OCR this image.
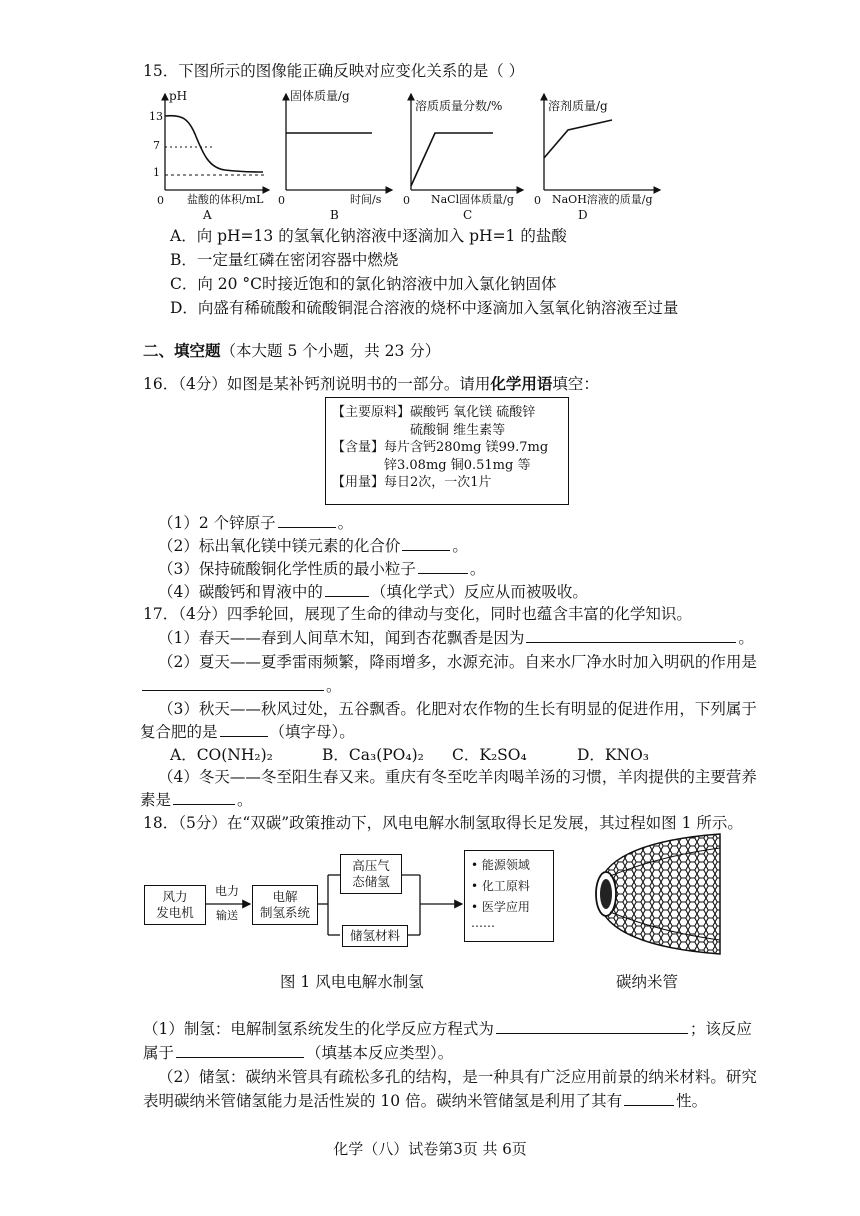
15．下图所示的图像能正确反映对应变化关系的是（ ）
pH
13
7
1
0 盐酸的体积/mL
A
固体质量/g
0	时间/s
B
溶质质量分数/%
0 NaCl固体质量/g
C
溶剂质量/g
0 NaOH溶液的质量/g
D
A．向 pH=13 的氢氧化钠溶液中逐滴加入 pH=1 的盐酸
B．一定量红磷在密闭容器中燃烧
C．向 20 °C时接近饱和的氯化钠溶液中加入氯化钠固体
D．向盛有稀硫酸和硫酸铜混合溶液的烧杯中逐滴加入氢氧化钠溶液至过量
二、填空题（本大题 5 个小题，共 23 分）
16．（4分）如图是某补钙剂说明书的一部分。请用化学用语填空：
【主要原料】碳酸钙 氧化镁 硫酸锌
　　　　　　硫酸铜 维生素等
【含量】每片含钙280mg 镁99.7mg
　　　　锌3.08mg 铜0.51mg 等
【用量】每日2次，一次1片
（1）2 个锌原子	。
（2）标出氧化镁中镁元素的化合价	。
（3）保持硫酸铜化学性质的最小粒子	。
（4）碳酸钙和胃液中的	（填化学式）反应从而被吸收。
17．（4分）四季轮回，展现了生命的律动与变化，同时也蕴含丰富的化学知识。
（1）春天——春到人间草木知，闻到杏花飘香是因为	。
（2）夏天——夏季雷雨频繁，降雨增多，水源充沛。自来水厂净水时加入明矾的作用是
。
（3）秋天——秋风过处，五谷飘香。化肥对农作物的生长有明显的促进作用，下列属于
复合肥的是	（填字母）。
A．CO(NH₂)₂	B．Ca₃(PO₄)₂ C．K₂SO₄	D．KNO₃
（4）冬天——冬至阳生春又来。重庆有冬至吃羊肉喝羊汤的习惯，羊肉提供的主要营养
素是	。
18．（5分）在“双碳”政策推动下，风电电解水制氢取得长足发展，其过程如图 1 所示。
风力
发电机
电力
输送
电解
制氢系统
高压气
态储氢
储氢材料
• 能源领域
• 化工原料
• 医学应用
……
图 1 风电电解水制氢	碳纳米管
（1）制氢：电解制氢系统发生的化学反应方程式为	；该反应
属于	（填基本反应类型）。
（2）储氢：碳纳米管具有疏松多孔的结构，是一种具有广泛应用前景的纳米材料。研究
表明碳纳米管储氢能力是活性炭的 10 倍。碳纳米管储氢是利用了其有	性。
化学（八）试卷第3页 共 6页
